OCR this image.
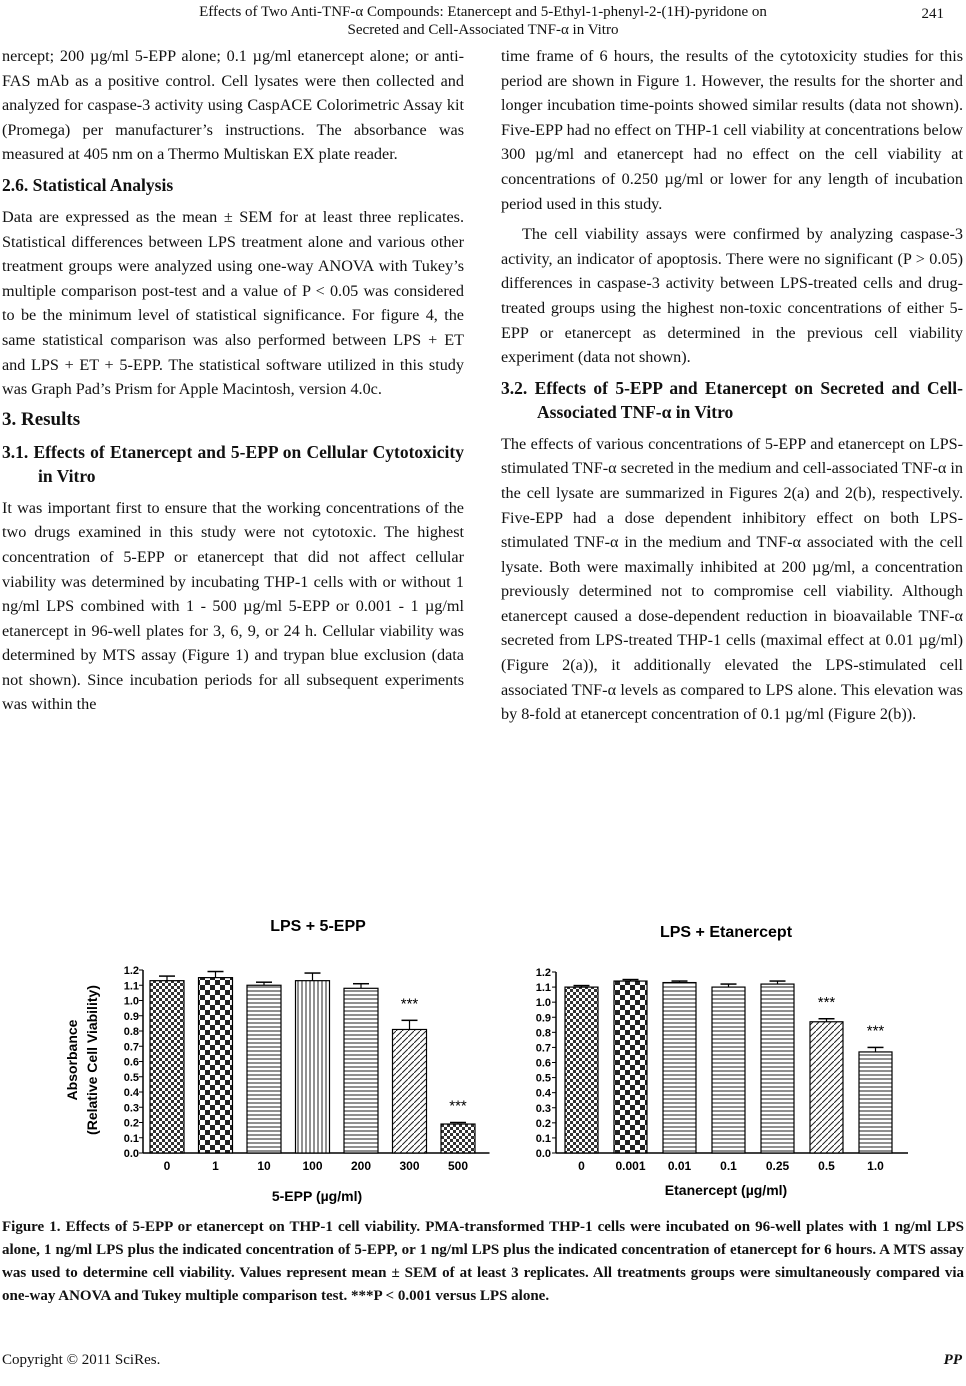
Effects of Two Anti-TNF-α Compounds: Etanercept and 5-Ethyl-1-phenyl-2-(1H)-pyridone on
Secreted and Cell-Associated TNF-α in Vitro
241

nercept; 200 µg/ml 5-EPP alone; 0.1 µg/ml etanercept alone; or anti-FAS mAb as a positive control. Cell lysates were then collected and analyzed for caspase-3 activity using CaspACE Colorimetric Assay kit (Promega) per manufacturer’s instructions. The absorbance was measured at 405 nm on a Thermo Multiskan EX plate reader.

2.6. Statistical Analysis

Data are expressed as the mean ± SEM for at least three replicates. Statistical differences between LPS treatment alone and various other treatment groups were analyzed using one-way ANOVA with Tukey’s multiple comparison post-test and a value of P < 0.05 was considered to be the minimum level of statistical significance. For figure 4, the same statistical comparison was also performed between LPS + ET and LPS + ET + 5-EPP. The statistical software utilized in this study was Graph Pad’s Prism for Apple Macintosh, version 4.0c.

3. Results
3.1. Effects of Etanercept and 5-EPP on Cellular Cytotoxicity in Vitro

It was important first to ensure that the working concentrations of the two drugs examined in this study were not cytotoxic. The highest concentration of 5-EPP or etanercept that did not affect cellular viability was determined by incubating THP-1 cells with or without 1 ng/ml LPS combined with 1 - 500 µg/ml 5-EPP or 0.001 - 1 µg/ml etanercept in 96-well plates for 3, 6, 9, or 24 h. Cellular viability was determined by MTS assay (Figure 1) and trypan blue exclusion (data not shown). Since incubation periods for all subsequent experiments was within the

time frame of 6 hours, the results of the cytotoxicity studies for this period are shown in Figure 1. However, the results for the shorter and longer incubation time-points showed similar results (data not shown). Five-EPP had no effect on THP-1 cell viability at concentrations below 300 µg/ml and etanercept had no effect on the cell viability at concentrations of 0.250 µg/ml or lower for any length of incubation period used in this study.

The cell viability assays were confirmed by analyzing caspase-3 activity, an indicator of apoptosis. There were no significant (P > 0.05) differences in caspase-3 activity between LPS-treated cells and drug-treated groups using the highest non-toxic concentrations of either 5-EPP or etanercept as determined in the previous cell viability experiment (data not shown).

3.2. Effects of 5-EPP and Etanercept on Secreted and Cell-Associated TNF-α in Vitro

The effects of various concentrations of 5-EPP and etanercept on LPS-stimulated TNF-α secreted in the medium and cell-associated TNF-α in the cell lysate are summarized in Figures 2(a) and 2(b), respectively. Five-EPP had a dose dependent inhibitory effect on both LPS-stimulated TNF-α in the medium and TNF-α associated with the cell lysate. Both were maximally inhibited at 200 µg/ml, a concentration previously determined not to compromise cell viability. Although etanercept caused a dose-dependent reduction in bioavailable TNF-α secreted from LPS-treated THP-1 cells (maximal effect at 0.01 µg/ml) (Figure 2(a)), it additionally elevated the LPS-stimulated cell associated TNF-α levels as compared to LPS alone. This elevation was by 8-fold at etanercept concentration of 0.1 µg/ml (Figure 2(b)).

LPS + 5-EPP
Absorbance (Relative Cell Viability)
0.0
0.1
0.2
0.3
0.4
0.5
0.6
0.7
0.8
0.9
1.0
1.1
1.2
0	1	10	100 200 300
***
500
***
5-EPP (µg/ml)
LPS + Etanercept
0.0
0.1
0.2
0.3
0.4
0.5
0.6
0.7
0.8
0.9
1.0
1.1
1.2
0	0.001 0.01 0.1 0.25 0.5
***
1.0
***
Etanercept (µg/ml)
Figure 1. Effects of 5-EPP or etanercept on THP-1 cell viability. PMA-transformed THP-1 cells were incubated on 96-well plates with 1 ng/ml LPS alone, 1 ng/ml LPS plus the indicated concentration of 5-EPP, or 1 ng/ml LPS plus the indicated concentration of etanercept for 6 hours. A MTS assay was used to determine cell viability. Values represent mean ± SEM of at least 3 replicates. All treatments groups were simultaneously compared via one-way ANOVA and Tukey multiple comparison test. ***P < 0.001 versus LPS alone.
Copyright © 2011 SciRes.	PP
